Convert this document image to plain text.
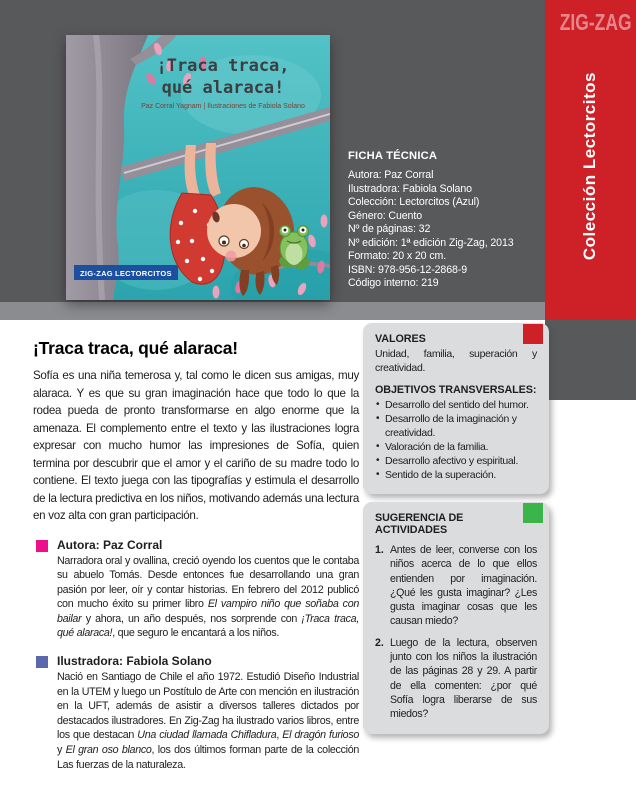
ZIG-ZAG
Colección Lectorcitos
¡Traca traca,
qué alaraca!
Paz Corral Yagnam | Ilustraciones de Fabiola Solano
ZIG-ZAG LECTORCITOS
FICHA TÉCNICA
Autora: Paz Corral
Ilustradora: Fabiola Solano
Colección: Lectorcitos (Azul)
Género: Cuento
Nº de páginas: 32
Nº edición: 1ª edición Zig-Zag, 2013
Formato: 20 x 20 cm.
ISBN: 978-956-12-2868-9
Código interno: 219
¡Traca traca, qué alaraca!

Sofía es una niña temerosa y, tal como le dicen sus amigas, muy alaraca. Y es que su gran imaginación hace que todo lo que la rodea pueda de pronto transformarse en algo enorme que la amenaza. El complemento entre el texto y las ilustraciones logra expresar con mucho humor las impresiones de Sofía, quien termina por descubrir que el amor y el cariño de su madre todo lo contiene. El texto juega con las tipografías y estimula el desarrollo de la lectura predictiva en los niños, motivando además una lectura en voz alta con gran participación.

Autora: Paz Corral

Narradora oral y ovallina, creció oyendo los cuentos que le contaba su abuelo Tomás. Desde entonces fue desarrollando una gran pasión por leer, oír y contar historias. En febrero del 2012 publicó con mucho éxito su primer libro El vampiro niño que soñaba con bailar y ahora, un año después, nos sorprende con ¡Traca traca, qué alaraca!, que seguro le encantará a los niños.

Ilustradora: Fabiola Solano

Nació en Santiago de Chile el año 1972. Estudió Diseño Industrial en la UTEM y luego un Postítulo de Arte con mención en ilustración en la UFT, además de asistir a diversos talleres dictados por destacados ilustradores. En Zig-Zag ha ilustrado varios libros, entre los que destacan Una ciudad llamada Chifladura, El dragón furioso y El gran oso blanco, los dos últimos forman parte de la colección Las fuerzas de la naturaleza.

VALORES

Unidad, familia, superación y creatividad.

OBJETIVOS TRANSVERSALES:
• Desarrollo del sentido del humor.
• Desarrollo de la imaginación y creatividad.
• Valoración de la familia.
• Desarrollo afectivo y espiritual.
• Sentido de la superación.
SUGERENCIA DE ACTIVIDADES
1. Antes de leer, converse con los niños acerca de lo que ellos entienden por imaginación. ¿Qué les gusta imaginar? ¿Les gusta imaginar cosas que les causan miedo?

2. Luego de la lectura, observen junto con los niños la ilustración de las páginas 28 y 29. A partir de ella comenten: ¿por qué Sofía logra liberarse de sus miedos?
